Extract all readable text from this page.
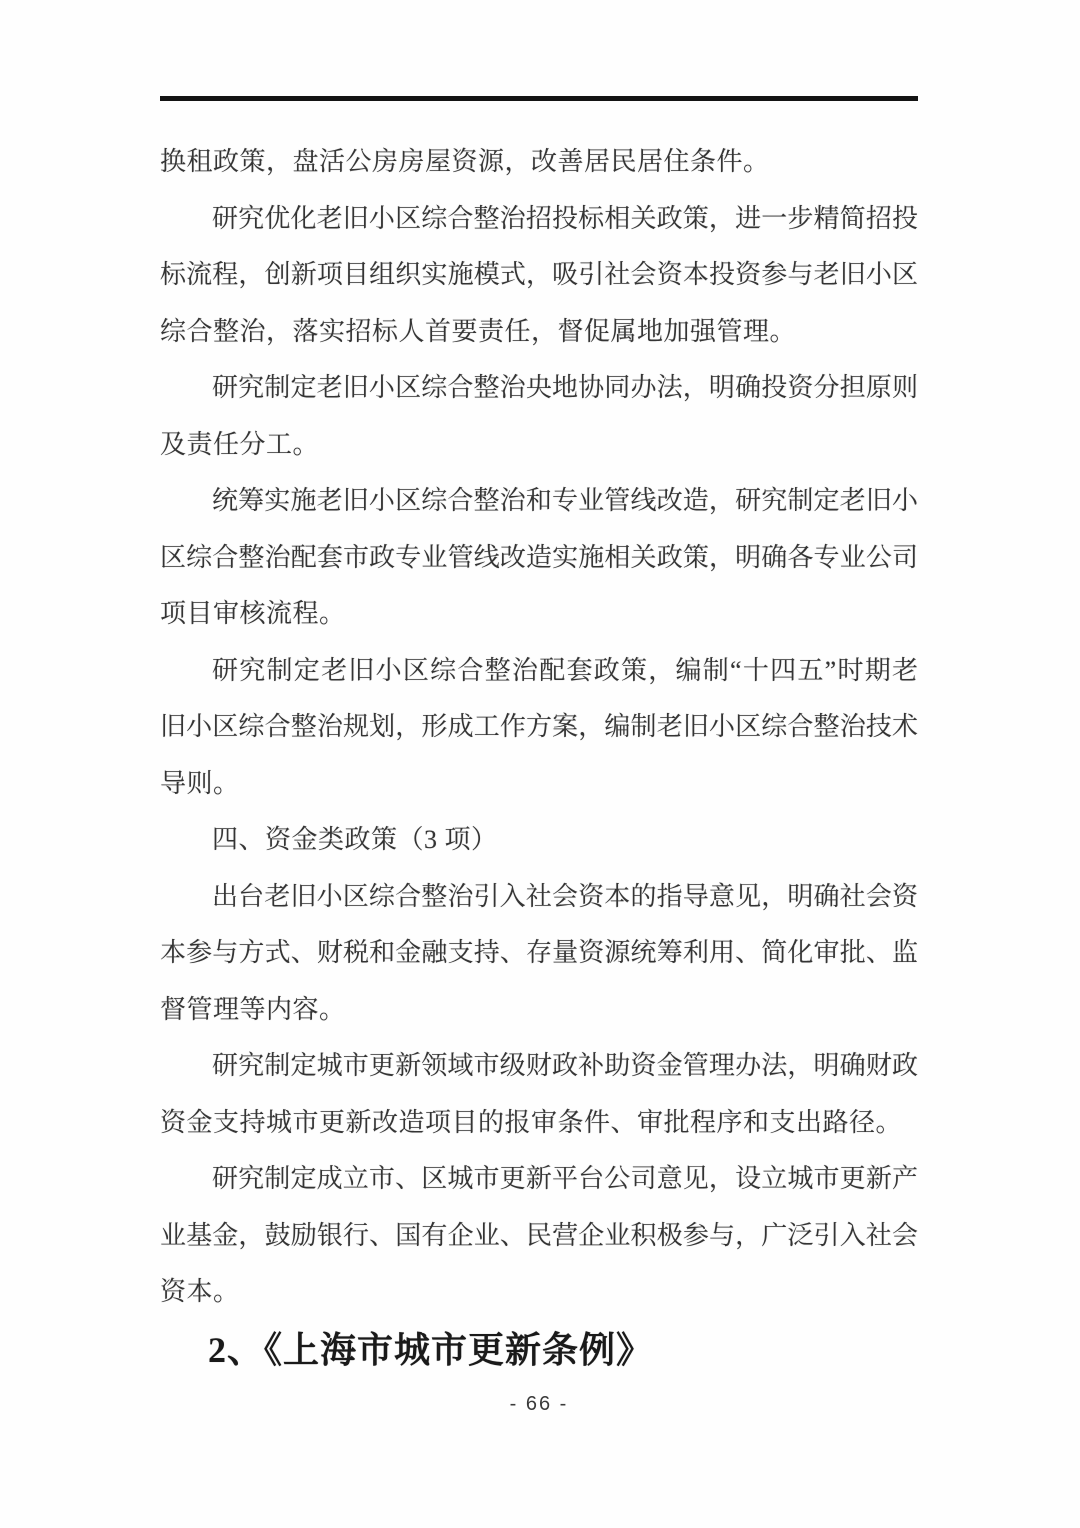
换租政策，盘活公房房屋资源，改善居民居住条件。
研究优化老旧小区综合整治招投标相关政策，进一步精简招投
标流程，创新项目组织实施模式，吸引社会资本投资参与老旧小区
综合整治，落实招标人首要责任，督促属地加强管理。
研究制定老旧小区综合整治央地协同办法，明确投资分担原则
及责任分工。
统筹实施老旧小区综合整治和专业管线改造，研究制定老旧小
区综合整治配套市政专业管线改造实施相关政策，明确各专业公司
项目审核流程。
研究制定老旧小区综合整治配套政策，编制“十四五”时期老
旧小区综合整治规划，形成工作方案，编制老旧小区综合整治技术
导则。
四、资金类政策（3 项）
出台老旧小区综合整治引入社会资本的指导意见，明确社会资
本参与方式、财税和金融支持、存量资源统筹利用、简化审批、监
督管理等内容。
研究制定城市更新领域市级财政补助资金管理办法，明确财政
资金支持城市更新改造项目的报审条件、审批程序和支出路径。
研究制定成立市、区城市更新平台公司意见，设立城市更新产
业基金，鼓励银行、国有企业、民营企业积极参与，广泛引入社会
资本。
2、《上海市城市更新条例》
- 66 -
